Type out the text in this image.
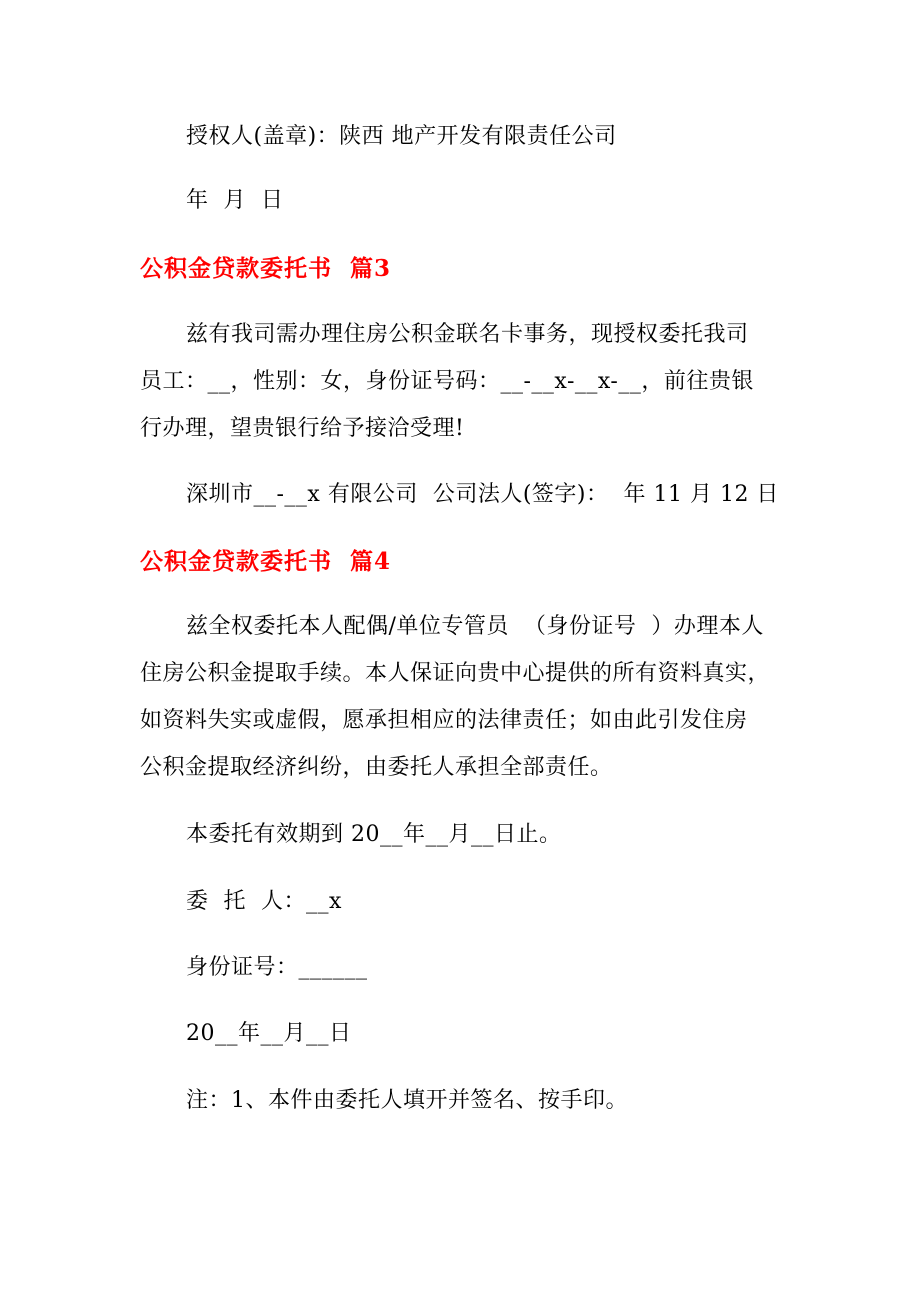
授权人(盖章)：陕西 地产开发有限责任公司
年  月  日
公积金贷款委托书  篇3
兹有我司需办理住房公积金联名卡事务，现授权委托我司
员工：__，性别：女，身份证号码：__-__x-__x-__，前往贵银
行办理，望贵银行给予接洽受理!
深圳市__-__x 有限公司  公司法人(签字)：  年 11 月 12 日
公积金贷款委托书  篇4
兹全权委托本人配偶/单位专管员  （身份证号  ）办理本人
住房公积金提取手续。本人保证向贵中心提供的所有资料真实，
如资料失实或虚假，愿承担相应的法律责任；如由此引发住房
公积金提取经济纠纷，由委托人承担全部责任。
本委托有效期到 20__年__月__日止。
委  托  人：__x
身份证号：______
20__年__月__日
注：1、本件由委托人填开并签名、按手印。
